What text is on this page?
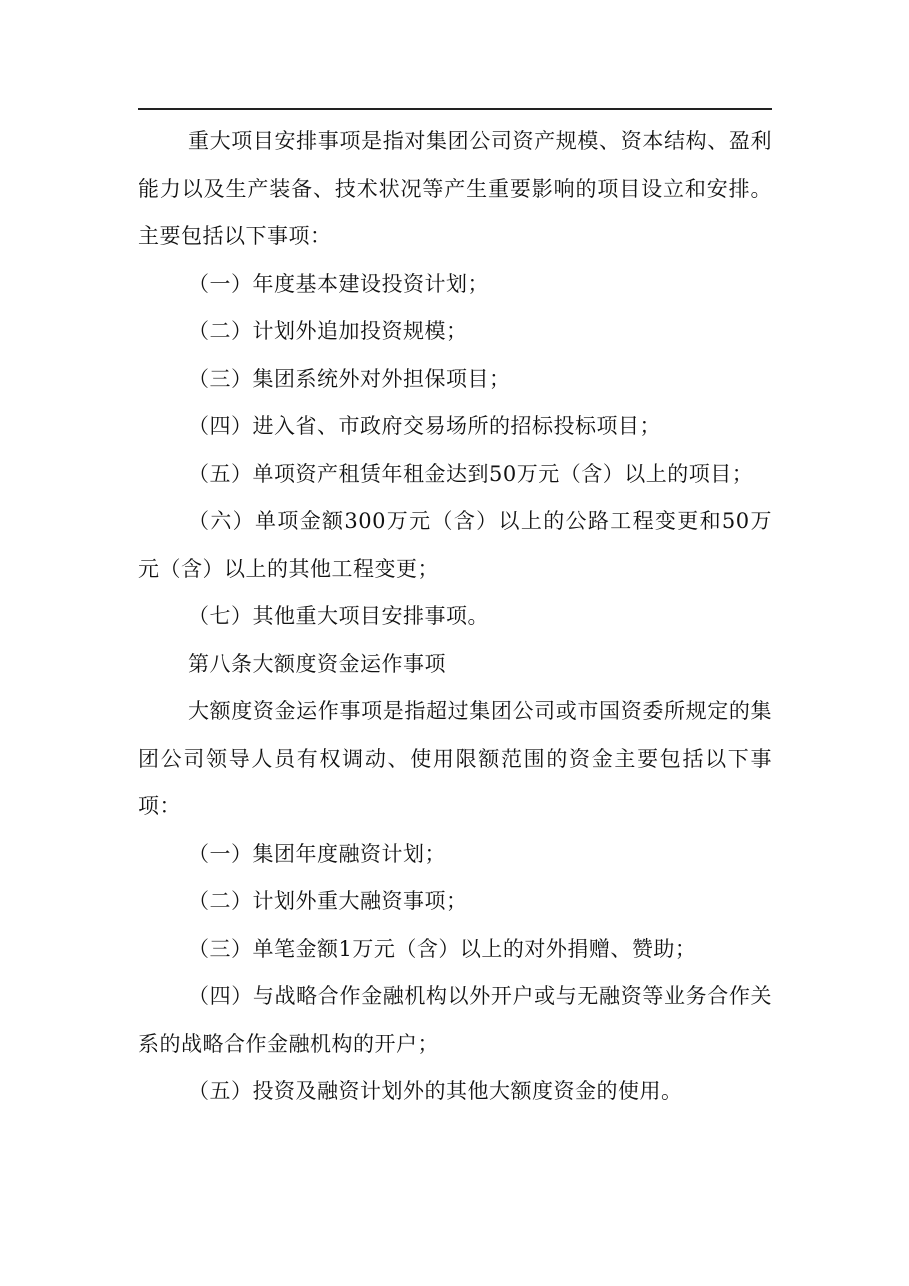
重大项目安排事项是指对集团公司资产规模、资本结构、盈利能力以及生产装备、技术状况等产生重要影响的项目设立和安排。主要包括以下事项：

（一）年度基本建设投资计划；

（二）计划外追加投资规模；

（三）集团系统外对外担保项目；

（四）进入省、市政府交易场所的招标投标项目；

（五）单项资产租赁年租金达到50万元（含）以上的项目；

（六）单项金额300万元（含）以上的公路工程变更和50万元（含）以上的其他工程变更；

（七）其他重大项目安排事项。

第八条大额度资金运作事项

大额度资金运作事项是指超过集团公司或市国资委所规定的集团公司领导人员有权调动、使用限额范围的资金主要包括以下事项：

（一）集团年度融资计划；

（二）计划外重大融资事项；

（三）单笔金额1万元（含）以上的对外捐赠、赞助；

（四）与战略合作金融机构以外开户或与无融资等业务合作关系的战略合作金融机构的开户；

（五）投资及融资计划外的其他大额度资金的使用。
